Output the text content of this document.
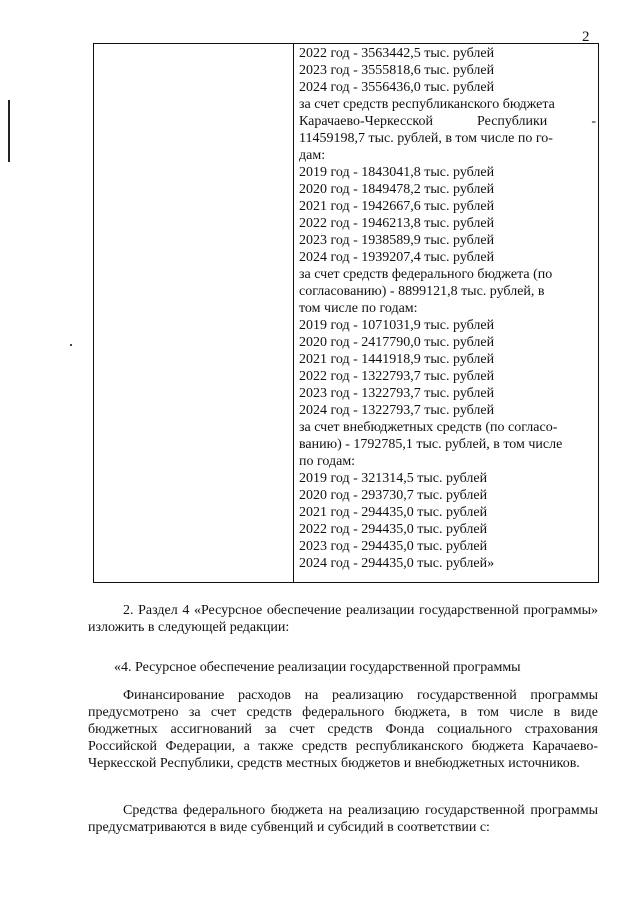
2
2022 год - 3563442,5 тыс. рублей
2023 год - 3555818,6 тыс. рублей
2024 год - 3556436,0 тыс. рублей
за счет средств республиканского бюджета
Карачаево-Черкесской Республики -
11459198,7 тыс. рублей, в том числе по го-
дам:
2019 год - 1843041,8 тыс. рублей
2020 год - 1849478,2 тыс. рублей
2021 год - 1942667,6 тыс. рублей
2022 год - 1946213,8 тыс. рублей
2023 год - 1938589,9 тыс. рублей
2024 год - 1939207,4 тыс. рублей
за счет средств федерального бюджета (по
согласованию) - 8899121,8 тыс. рублей, в
том числе по годам:
2019 год - 1071031,9 тыс. рублей
2020 год - 2417790,0 тыс. рублей
2021 год - 1441918,9 тыс. рублей
2022 год - 1322793,7 тыс. рублей
2023 год - 1322793,7 тыс. рублей
2024 год - 1322793,7 тыс. рублей
за счет внебюджетных средств (по согласо-
ванию) - 1792785,1 тыс. рублей, в том числе
по годам:
2019 год - 321314,5 тыс. рублей
2020 год - 293730,7 тыс. рублей
2021 год - 294435,0 тыс. рублей
2022 год - 294435,0 тыс. рублей
2023 год - 294435,0 тыс. рублей
2024 год - 294435,0 тыс. рублей»
2. Раздел 4 «Ресурсное обеспечение реализации государственной программы» изложить в следующей редакции:
«4. Ресурсное обеспечение реализации государственной программы
Финансирование расходов на реализацию государственной программы предусмотрено за счет средств федерального бюджета, в том числе в виде бюджетных ассигнований за счет средств Фонда социального страхования Российской Федерации, а также средств республиканского бюджета Карачаево-Черкесской Республики, средств местных бюджетов и внебюджетных источников.
Средства федерального бюджета на реализацию государственной программы предусматриваются в виде субвенций и субсидий в соответствии с:
